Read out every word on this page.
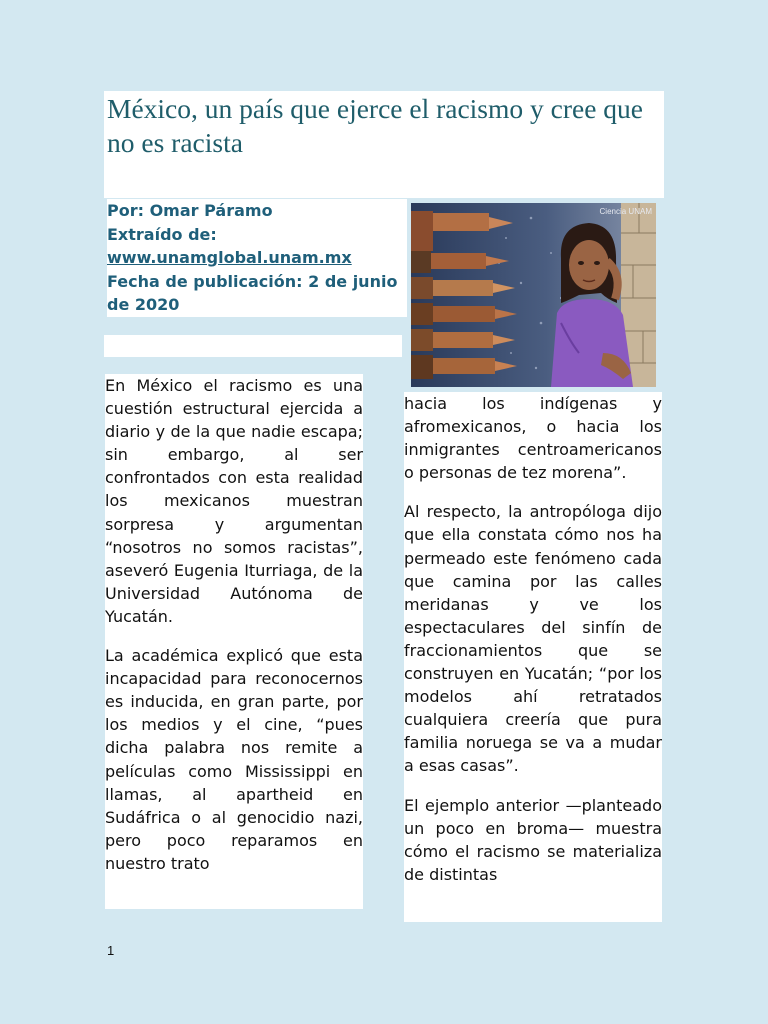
México, un país que ejerce el racismo y cree que no es racista
Por: Omar Páramo
Extraído de:
www.unamglobal.unam.mx
Fecha de publicación: 2 de junio de 2020
Ciencia UNAM

En México el racismo es una cuestión estructural ejercida a diario y de la que nadie escapa; sin embargo, al ser confrontados con esta realidad los mexicanos muestran sorpresa y argumentan “nosotros no somos racistas”, aseveró Eugenia Iturriaga, de la Universidad Autónoma de Yucatán.

La académica explicó que esta incapacidad para reconocernos es inducida, en gran parte, por los medios y el cine, “pues dicha palabra nos remite a películas como Mississippi en llamas, al apartheid en Sudáfrica o al genocidio nazi, pero poco reparamos en nuestro trato

hacia los indígenas y afromexicanos, o hacia los inmigrantes centroamericanos o personas de tez morena”.

Al respecto, la antropóloga dijo que ella constata cómo nos ha permeado este fenómeno cada que camina por las calles meridanas y ve los espectaculares del sinfín de fraccionamientos que se construyen en Yucatán; “por los modelos ahí retratados cualquiera creería que pura familia noruega se va a mudar a esas casas”.

El ejemplo anterior —planteado un poco en broma— muestra cómo el racismo se materializa de distintas

1
